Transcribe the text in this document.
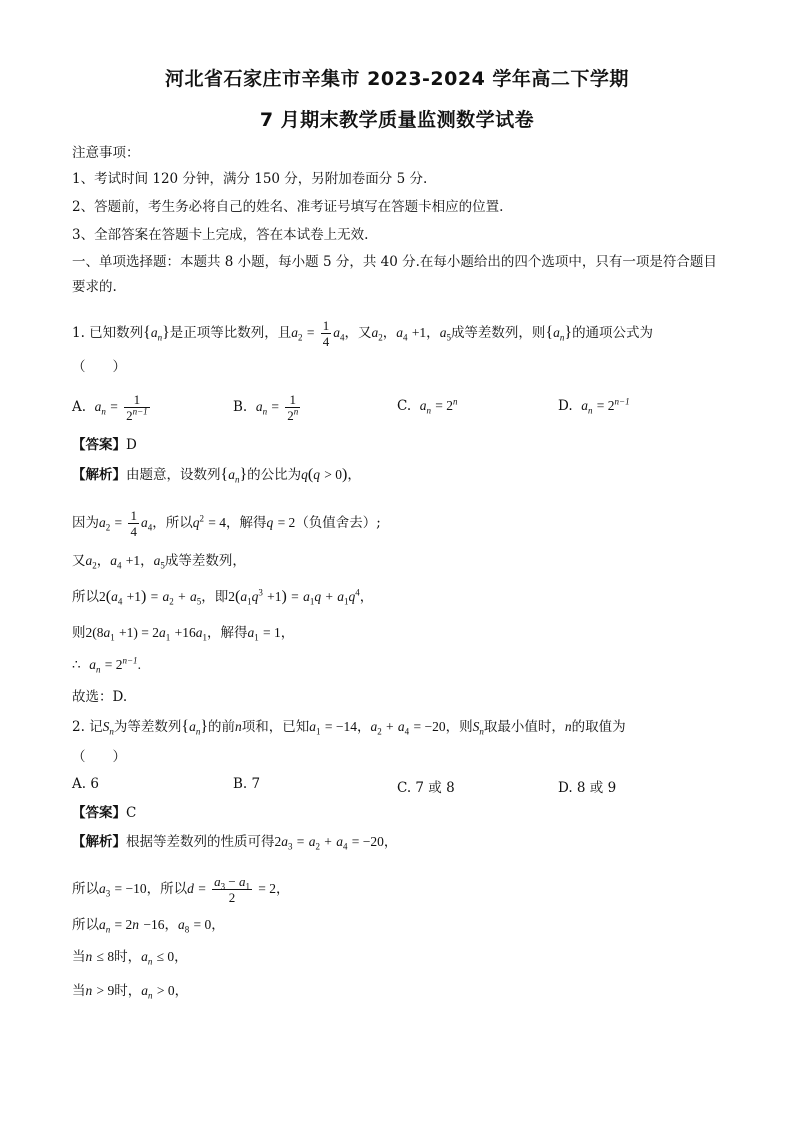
河北省石家庄市辛集市 2023-2024 学年高二下学期
7 月期末教学质量监测数学试卷
注意事项：
1、考试时间 120 分钟，满分 150 分，另附加卷面分 5 分.
2、答题前，考生务必将自己的姓名、准考证号填写在答题卡相应的位置.
3、全部答案在答题卡上完成，答在本试卷上无效.
一、单项选择题：本题共 8 小题，每小题 5 分，共 40 分.在每小题给出的四个选项中，只有一项是符合题目要求的.
1. 已知数列$\{a_n\}$是正项等比数列，且$a_2 = \frac{1}{4} a_4$，又$a_2$，$a_4 +1$，$a_5$成等差数列，则$\{a_n\}$的通项公式为
（　　）
A. $a_n = \frac{1}{2^{n-1}}$	B. $a_n = \frac{1}{2^n}$	C. $a_n = 2^n$	D. $a_n = 2^{n-1}$
【答案】D
【解析】由题意，设数列$\{a_n\}$的公比为q(q > 0)，
因为$a_2 = \frac{1}{4} a_4$，所以$q^2 = 4$，解得q = 2（负值舍去）;
又$a_2$，$a_4 +1$，$a_5$成等差数列，
所以$2(a_4 +1) = a_2 + a_5$，即$2(a_1q^3 +1) = a_1q + a_1q^4$，
则$2(8a_1 +1) = 2a_1 +16a_1$，解得$a_1 = 1$，
∴ $a_n = 2^{n-1}$.
故选：D.
2. 记$S_n$为等差数列$\{a_n\}$的前n项和，已知$a_1 = -14$，$a_2 + a_4 = -20$，则$S_n$取最小值时，n的取值为
（　　）
A. 6	B. 7	C. 7 或 8	D. 8 或 9
【答案】C
【解析】根据等差数列的性质可得$2a_3 = a_2 + a_4 = -20$，
所以$a_3 = -10$，所以$d = \frac{a_3 - a_1}{2} = 2$，
所以$a_n = 2n -16$，$a_8 = 0$，
当n ≤ 8时，$a_n \le 0$，
当n > 9时，$a_n > 0$，
